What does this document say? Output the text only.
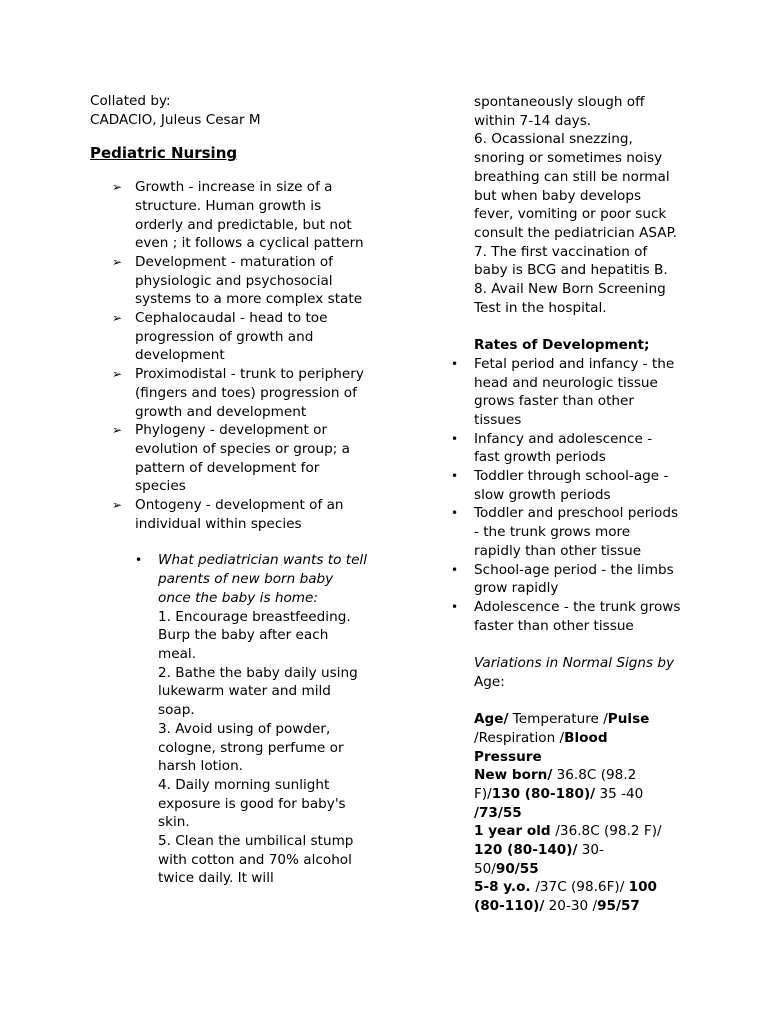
Collated by:
CADACIO, Juleus Cesar M
Pediatric Nursing
➢ Growth - increase in size of a
structure. Human growth is
orderly and predictable, but not
even ; it follows a cyclical pattern
➢ Development - maturation of
physiologic and psychosocial
systems to a more complex state
➢ Cephalocaudal - head to toe
progression of growth and
development
➢ Proximodistal - trunk to periphery
(fingers and toes) progression of
growth and development
➢ Phylogeny - development or
evolution of species or group; a
pattern of development for
species
➢ Ontogeny - development of an
individual within species
• What pediatrician wants to tell
parents of new born baby
once the baby is home:
1. Encourage breastfeeding.
Burp the baby after each
meal.
2. Bathe the baby daily using
lukewarm water and mild
soap.
3. Avoid using of powder,
cologne, strong perfume or
harsh lotion.
4. Daily morning sunlight
exposure is good for baby's
skin.
5. Clean the umbilical stump
with cotton and 70% alcohol
twice daily. It will
spontaneously slough off
within 7-14 days.
6. Ocassional snezzing,
snoring or sometimes noisy
breathing can still be normal
but when baby develops
fever, vomiting or poor suck
consult the pediatrician ASAP.
7. The first vaccination of
baby is BCG and hepatitis B.
8. Avail New Born Screening
Test in the hospital.
Rates of Development;
• Fetal period and infancy - the
head and neurologic tissue
grows faster than other
tissues
• Infancy and adolescence -
fast growth periods
• Toddler through school-age -
slow growth periods
• Toddler and preschool periods
- the trunk grows more
rapidly than other tissue
• School-age period - the limbs
grow rapidly
• Adolescence - the trunk grows
faster than other tissue
Variations in Normal Signs by
Age:
Age/ Temperature /Pulse
/Respiration /Blood
Pressure
New born/ 36.8C (98.2
F)/130 (80-180)/ 35 -40
/73/55
1 year old /36.8C (98.2 F)/
120 (80-140)/ 30-
50/90/55
5-8 y.o. /37C (98.6F)/ 100
(80-110)/ 20-30 /95/57
